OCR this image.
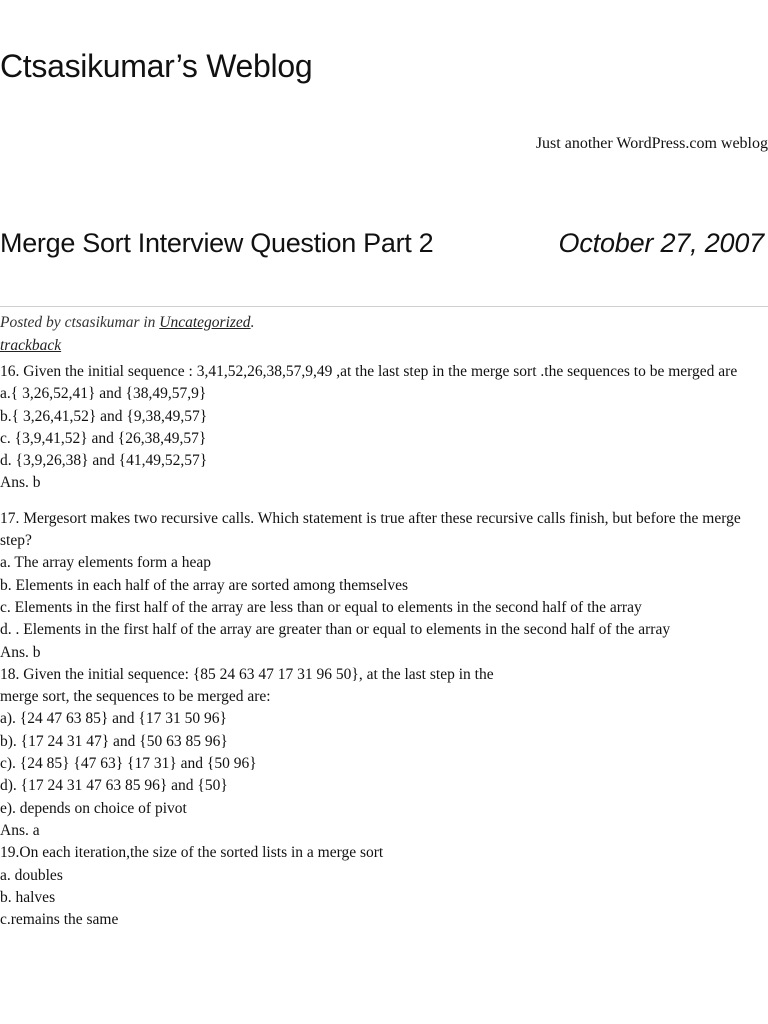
Ctsasikumar’s Weblog
Just another WordPress.com weblog
Merge Sort Interview Question Part 2	October 27, 2007
Posted by ctsasikumar in Uncategorized.
trackback

16. Given the initial sequence : 3,41,52,26,38,57,9,49 ,at the last step in the merge sort .the sequences to be merged are

a.{ 3,26,52,41} and {38,49,57,9}

b.{ 3,26,41,52} and {9,38,49,57}

c. {3,9,41,52} and {26,38,49,57}

d. {3,9,26,38} and {41,49,52,57}

Ans. b

17. Mergesort makes two recursive calls. Which statement is true after these recursive calls finish, but before the merge step?

a. The array elements form a heap

b. Elements in each half of the array are sorted among themselves

c. Elements in the first half of the array are less than or equal to elements in the second half of the array

d. . Elements in the first half of the array are greater than or equal to elements in the second half of the array

Ans. b

18. Given the initial sequence: {85 24 63 47 17 31 96 50}, at the last step in the

merge sort, the sequences to be merged are:

a). {24 47 63 85} and {17 31 50 96}

b). {17 24 31 47} and {50 63 85 96}

c). {24 85} {47 63} {17 31} and {50 96}

d). {17 24 31 47 63 85 96} and {50}

e). depends on choice of pivot

Ans. a

19.On each iteration,the size of the sorted lists in a merge sort

a. doubles

b. halves

c.remains the same
